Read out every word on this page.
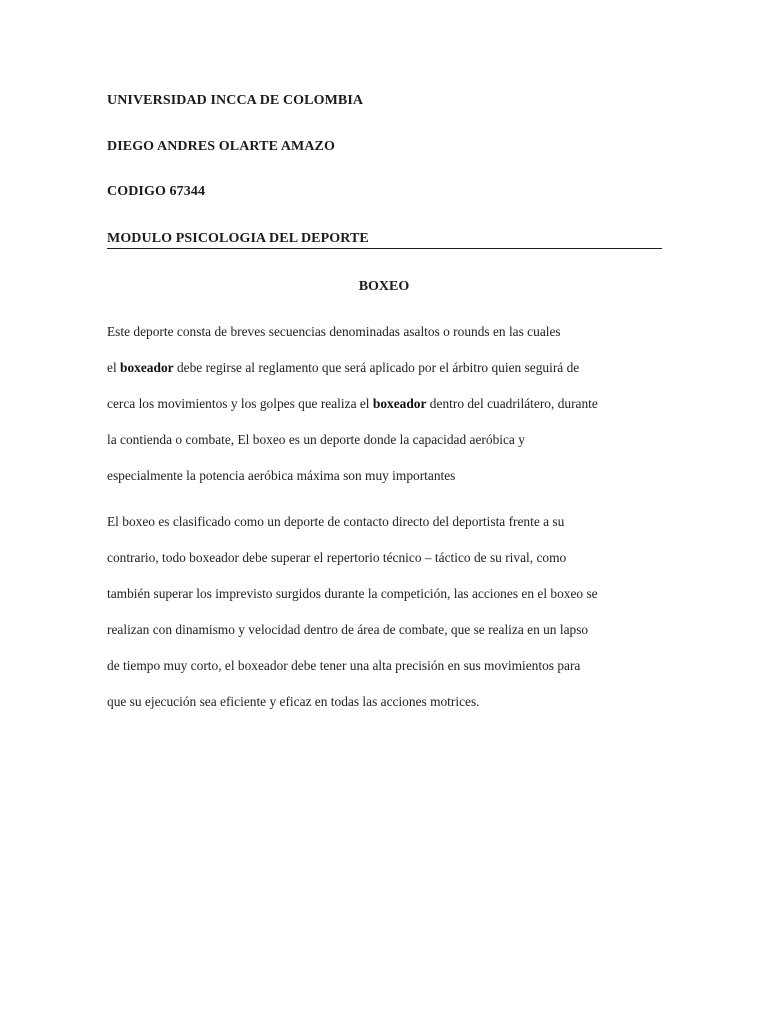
UNIVERSIDAD INCCA DE COLOMBIA
DIEGO ANDRES OLARTE AMAZO
CODIGO 67344
MODULO PSICOLOGIA DEL DEPORTE
BOXEO
Este deporte consta de breves secuencias denominadas asaltos o rounds en las cuales
el boxeador debe regirse al reglamento que será aplicado por el árbitro quien seguirá de
cerca los movimientos y los golpes que realiza el boxeador dentro del cuadrilátero, durante
la contienda o combate, El boxeo es un deporte donde la capacidad aeróbica y
especialmente la potencia aeróbica máxima son muy importantes
El boxeo es clasificado como un deporte de contacto directo del deportista frente a su
contrario, todo boxeador debe superar el repertorio técnico – táctico de su rival, como
también superar los imprevisto surgidos durante la competición, las acciones en el boxeo se
realizan con dinamismo y velocidad dentro de área de combate, que se realiza en un lapso
de tiempo muy corto, el boxeador debe tener una alta precisión en sus movimientos para
que su ejecución sea eficiente y eficaz en todas las acciones motrices.
